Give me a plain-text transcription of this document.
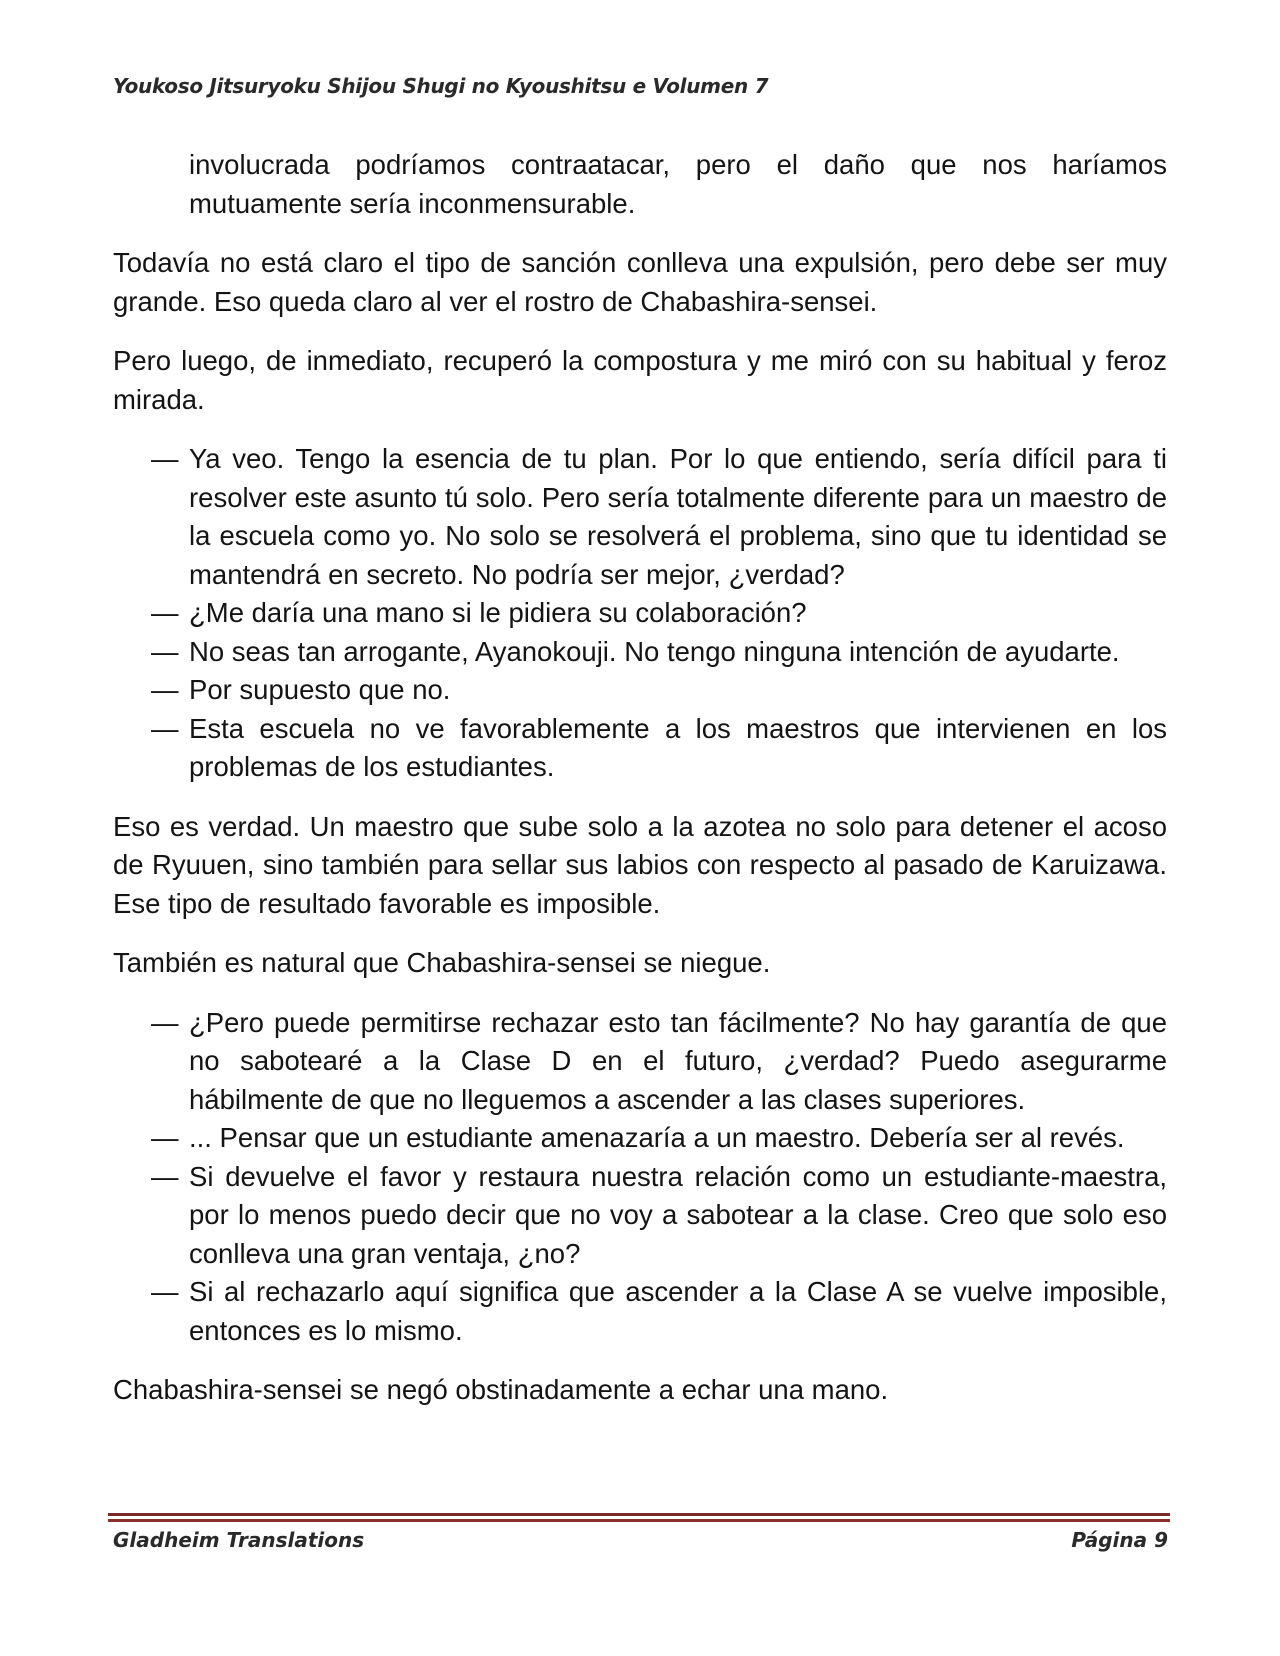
Youkoso Jitsuryoku Shijou Shugi no Kyoushitsu e Volumen 7

involucrada podríamos contraatacar, pero el daño que nos haríamos mutuamente sería inconmensurable.

Todavía no está claro el tipo de sanción conlleva una expulsión, pero debe ser muy grande. Eso queda claro al ver el rostro de Chabashira-sensei.

Pero luego, de inmediato, recuperó la compostura y me miró con su habitual y feroz mirada.

— Ya veo. Tengo la esencia de tu plan. Por lo que entiendo, sería difícil para ti resolver este asunto tú solo. Pero sería totalmente diferente para un maestro de la escuela como yo. No solo se resolverá el problema, sino que tu identidad se mantendrá en secreto. No podría ser mejor, ¿verdad?
— ¿Me daría una mano si le pidiera su colaboración?
— No seas tan arrogante, Ayanokouji. No tengo ninguna intención de ayudarte.
— Por supuesto que no.
— Esta escuela no ve favorablemente a los maestros que intervienen en los problemas de los estudiantes.

Eso es verdad. Un maestro que sube solo a la azotea no solo para detener el acoso de Ryuuen, sino también para sellar sus labios con respecto al pasado de Karuizawa. Ese tipo de resultado favorable es imposible.

También es natural que Chabashira-sensei se niegue.

— ¿Pero puede permitirse rechazar esto tan fácilmente? No hay garantía de que no sabotearé a la Clase D en el futuro, ¿verdad? Puedo asegurarme hábilmente de que no lleguemos a ascender a las clases superiores.
— ... Pensar que un estudiante amenazaría a un maestro. Debería ser al revés.
— Si devuelve el favor y restaura nuestra relación como un estudiante-maestra, por lo menos puedo decir que no voy a sabotear a la clase. Creo que solo eso conlleva una gran ventaja, ¿no?
— Si al rechazarlo aquí significa que ascender a la Clase A se vuelve imposible, entonces es lo mismo.

Chabashira-sensei se negó obstinadamente a echar una mano.

Gladheim Translations	Página 9
